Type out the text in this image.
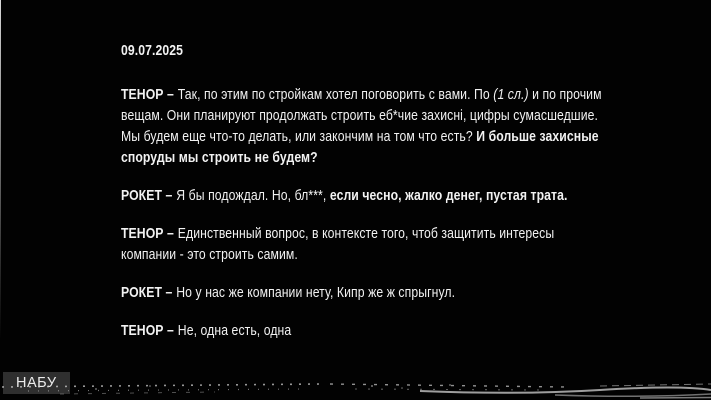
09.07.2025

ТЕНОР – Так, по этим по стройкам хотел поговорить с вами. По (1 сл.) и по прочим вещам. Они планируют продолжать строить еб*чие захисні, цифры сумасшедшие. Мы будем еще что-то делать, или закончим на том что есть? И больше захисные споруды мы строить не будем?

РОКЕТ – Я бы подождал. Но, бл***, если чесно, жалко денег, пустая трата.

ТЕНОР – Единственный вопрос, в контексте того, чтоб защитить интересы компании - это строить самим.

РОКЕТ – Но у нас же компании нету, Кипр же ж спрыгнул.

ТЕНОР – Не, одна есть, одна

НАБУ
